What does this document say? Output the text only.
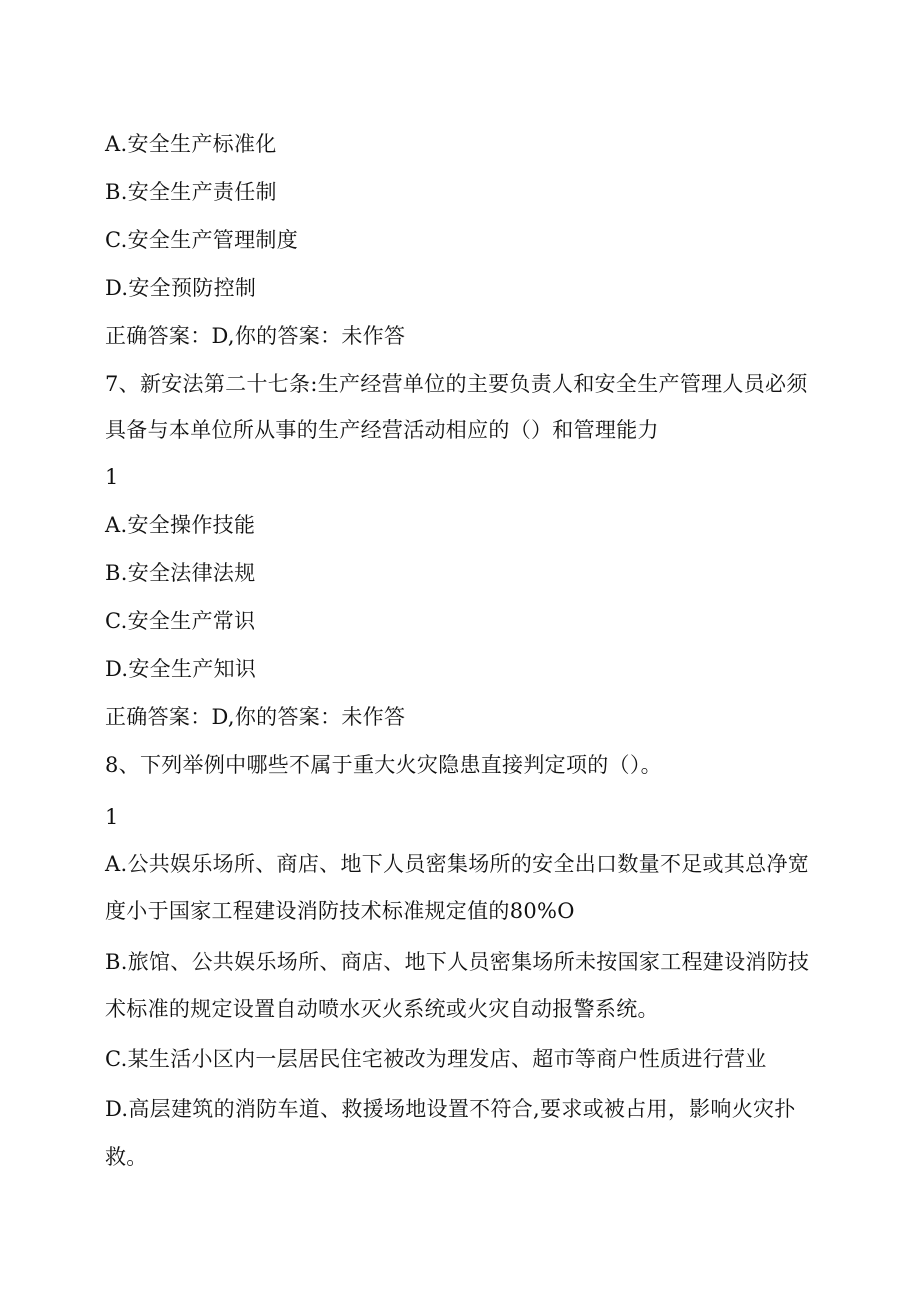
A.安全生产标准化
B.安全生产责任制
C.安全生产管理制度
D.安全预防控制
正确答案：D,你的答案：未作答
7、新安法第二十七条:生产经营单位的主要负责人和安全生产管理人员必须
具备与本单位所从事的生产经营活动相应的（）和管理能力
1
A.安全操作技能
B.安全法律法规
C.安全生产常识
D.安全生产知识
正确答案：D,你的答案：未作答
8、下列举例中哪些不属于重大火灾隐患直接判定项的（）。
1
A.公共娱乐场所、商店、地下人员密集场所的安全出口数量不足或其总净宽
度小于国家工程建设消防技术标准规定值的80%O
B.旅馆、公共娱乐场所、商店、地下人员密集场所未按国家工程建设消防技
术标准的规定设置自动喷水灭火系统或火灾自动报警系统。
C.某生活小区内一层居民住宅被改为理发店、超市等商户性质进行营业
D.高层建筑的消防车道、救援场地设置不符合,要求或被占用，影响火灾扑
救。
